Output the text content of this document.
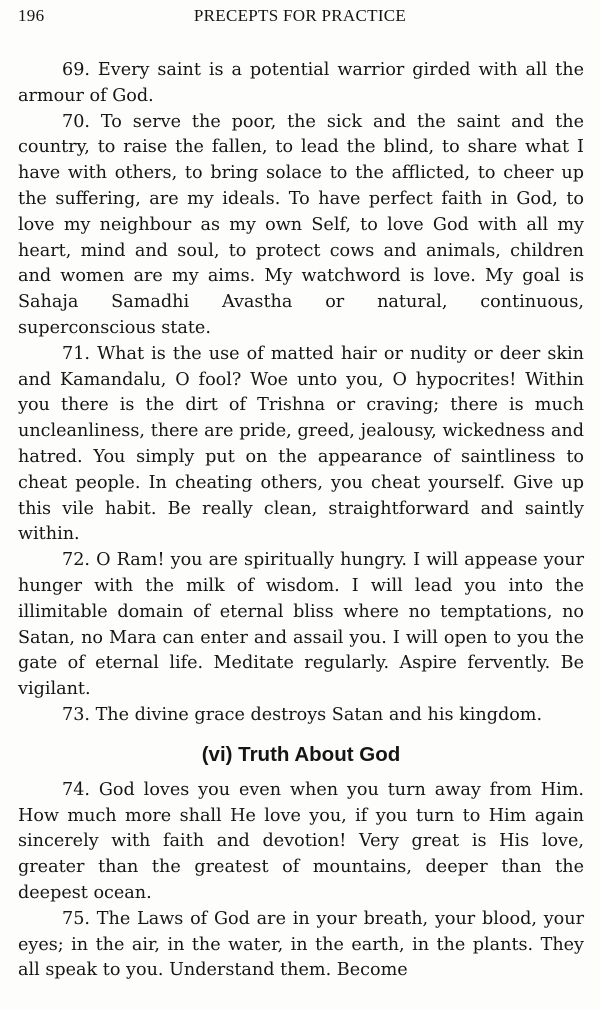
196	PRECEPTS FOR PRACTICE

69. Every saint is a potential warrior girded with all the armour of God.

70. To serve the poor, the sick and the saint and the country, to raise the fallen, to lead the blind, to share what I have with others, to bring solace to the afflicted, to cheer up the suffering, are my ideals. To have perfect faith in God, to love my neighbour as my own Self, to love God with all my heart, mind and soul, to protect cows and animals, children and women are my aims. My watchword is love. My goal is Sahaja Samadhi Avastha or natural, continuous, superconscious state.

71. What is the use of matted hair or nudity or deer skin and Kamandalu, O fool? Woe unto you, O hypocrites! Within you there is the dirt of Trishna or craving; there is much uncleanliness, there are pride, greed, jealousy, wickedness and hatred. You simply put on the appearance of saintliness to cheat people. In cheating others, you cheat yourself. Give up this vile habit. Be really clean, straightforward and saintly within.

72. O Ram! you are spiritually hungry. I will appease your hunger with the milk of wisdom. I will lead you into the illimitable domain of eternal bliss where no temptations, no Satan, no Mara can enter and assail you. I will open to you the gate of eternal life. Meditate regularly. Aspire fervently. Be vigilant.

73. The divine grace destroys Satan and his kingdom.

(vi) Truth About God

74. God loves you even when you turn away from Him. How much more shall He love you, if you turn to Him again sincerely with faith and devotion! Very great is His love, greater than the greatest of mountains, deeper than the deepest ocean.

75. The Laws of God are in your breath, your blood, your eyes; in the air, in the water, in the earth, in the plants. They all speak to you. Understand them. Become
